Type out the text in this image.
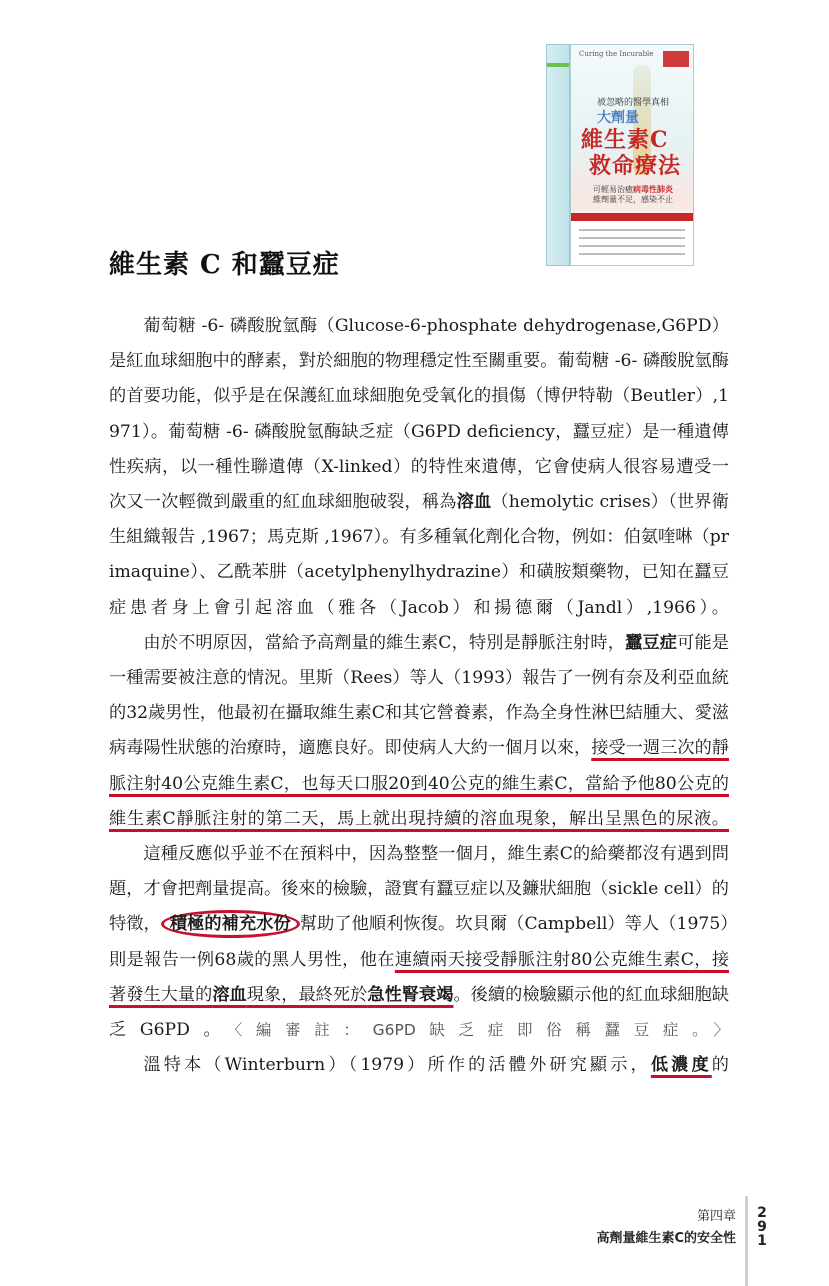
Curing the Incurable
被忽略的醫學真相
大劑量
維生素C
救命療法
可輕易治癒病毒性肺炎
維劑量不足，感染不止
維生素 C 和蠶豆症

葡萄糖 -6- 磷酸脫氫酶（Glucose-6-phosphate dehydrogenase,G6PD）是紅血球細胞中的酵素，對於細胞的物理穩定性至關重要。葡萄糖 -6- 磷酸脫氫酶的首要功能，似乎是在保護紅血球細胞免受氧化的損傷（博伊特勒（Beutler）,1971）。葡萄糖 -6- 磷酸脫氫酶缺乏症（G6PD deficiency，蠶豆症）是一種遺傳性疾病，以一種性聯遺傳（X-linked）的特性來遺傳，它會使病人很容易遭受一次又一次輕微到嚴重的紅血球細胞破裂，稱為溶血（hemolytic crises）（世界衛生組織報告 ,1967；馬克斯 ,1967）。有多種氧化劑化合物，例如：伯氨喹啉（primaquine）、乙酰苯肼（acetylphenylhydrazine）和磺胺類藥物，已知在蠶豆症患者身上會引起溶血（雅各（Jacob）和揚德爾（Jandl）,1966）。

由於不明原因，當給予高劑量的維生素C，特別是靜脈注射時，蠶豆症可能是一種需要被注意的情況。里斯（Rees）等人（1993）報告了一例有奈及利亞血統的32歲男性，他最初在攝取維生素C和其它營養素，作為全身性淋巴結腫大、愛滋病毒陽性狀態的治療時，適應良好。即使病人大約一個月以來，接受一週三次的靜脈注射40公克維生素C，也每天口服20到40公克的維生素C，當給予他80公克的維生素C靜脈注射的第二天，馬上就出現持續的溶血現象，解出呈黑色的尿液。

這種反應似乎並不在預料中，因為整整一個月，維生素C的給藥都沒有遇到問題，才會把劑量提高。後來的檢驗，證實有蠶豆症以及鐮狀細胞（sickle cell）的特徵， 積極的補充水份 幫助了他順利恢復。坎貝爾（Campbell）等人（1975）則是報告一例68歲的黑人男性，他在連續兩天接受靜脈注射80公克維生素C，接著發生大量的溶血現象，最終死於急性腎衰竭。後續的檢驗顯示他的紅血球細胞缺乏G6PD。〈編審註：G6PD缺乏症即俗稱蠶豆症。〉

溫特本（Winterburn）（1979）所作的活體外研究顯示，低濃度的

第四章
高劑量維生素C的安全性
291
